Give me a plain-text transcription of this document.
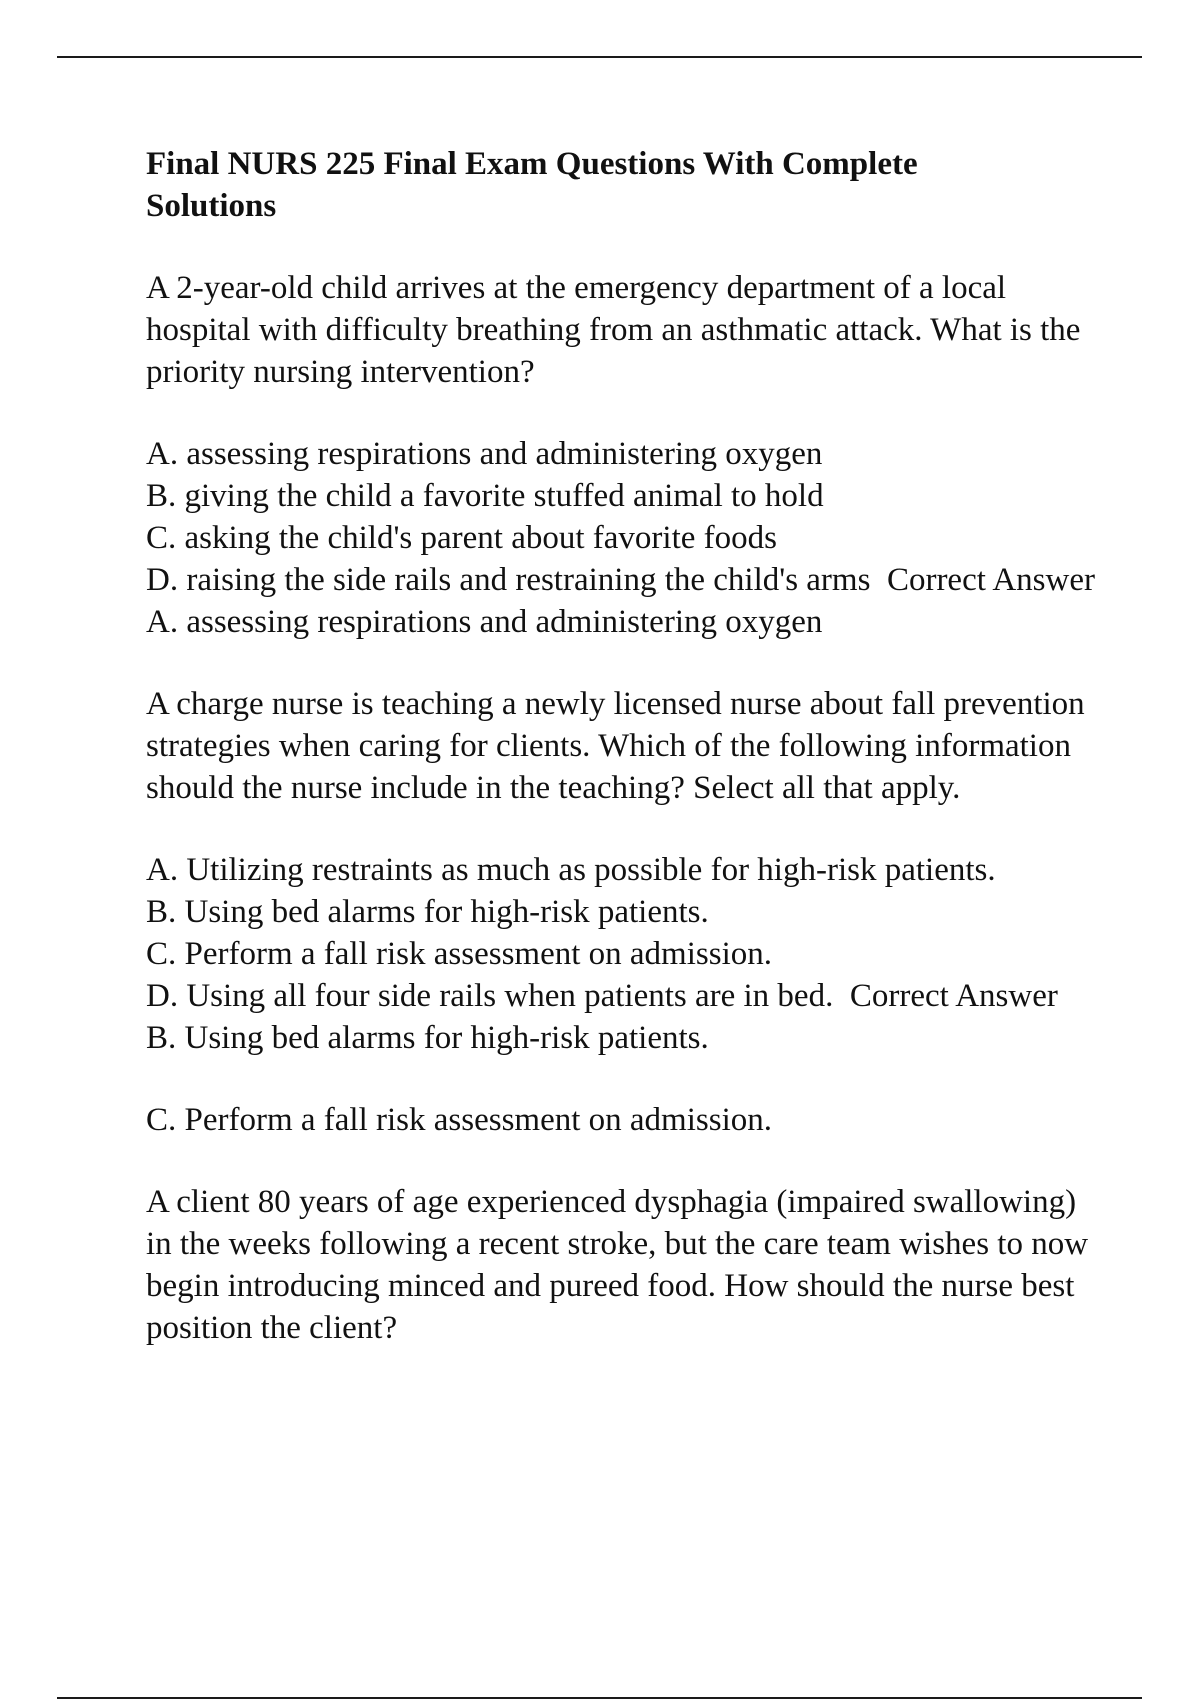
Final NURS 225 Final Exam Questions With Complete Solutions
A 2-year-old child arrives at the emergency department of a local hospital with difficulty breathing from an asthmatic attack. What is the priority nursing intervention?
A. assessing respirations and administering oxygen
B. giving the child a favorite stuffed animal to hold
C. asking the child's parent about favorite foods
D. raising the side rails and restraining the child's arms Correct Answer
A. assessing respirations and administering oxygen
A charge nurse is teaching a newly licensed nurse about fall prevention strategies when caring for clients. Which of the following information should the nurse include in the teaching? Select all that apply.
A. Utilizing restraints as much as possible for high-risk patients.
B. Using bed alarms for high-risk patients.
C. Perform a fall risk assessment on admission.
D. Using all four side rails when patients are in bed. Correct Answer
B. Using bed alarms for high-risk patients.
C. Perform a fall risk assessment on admission.
A client 80 years of age experienced dysphagia (impaired swallowing) in the weeks following a recent stroke, but the care team wishes to now begin introducing minced and pureed food. How should the nurse best position the client?
